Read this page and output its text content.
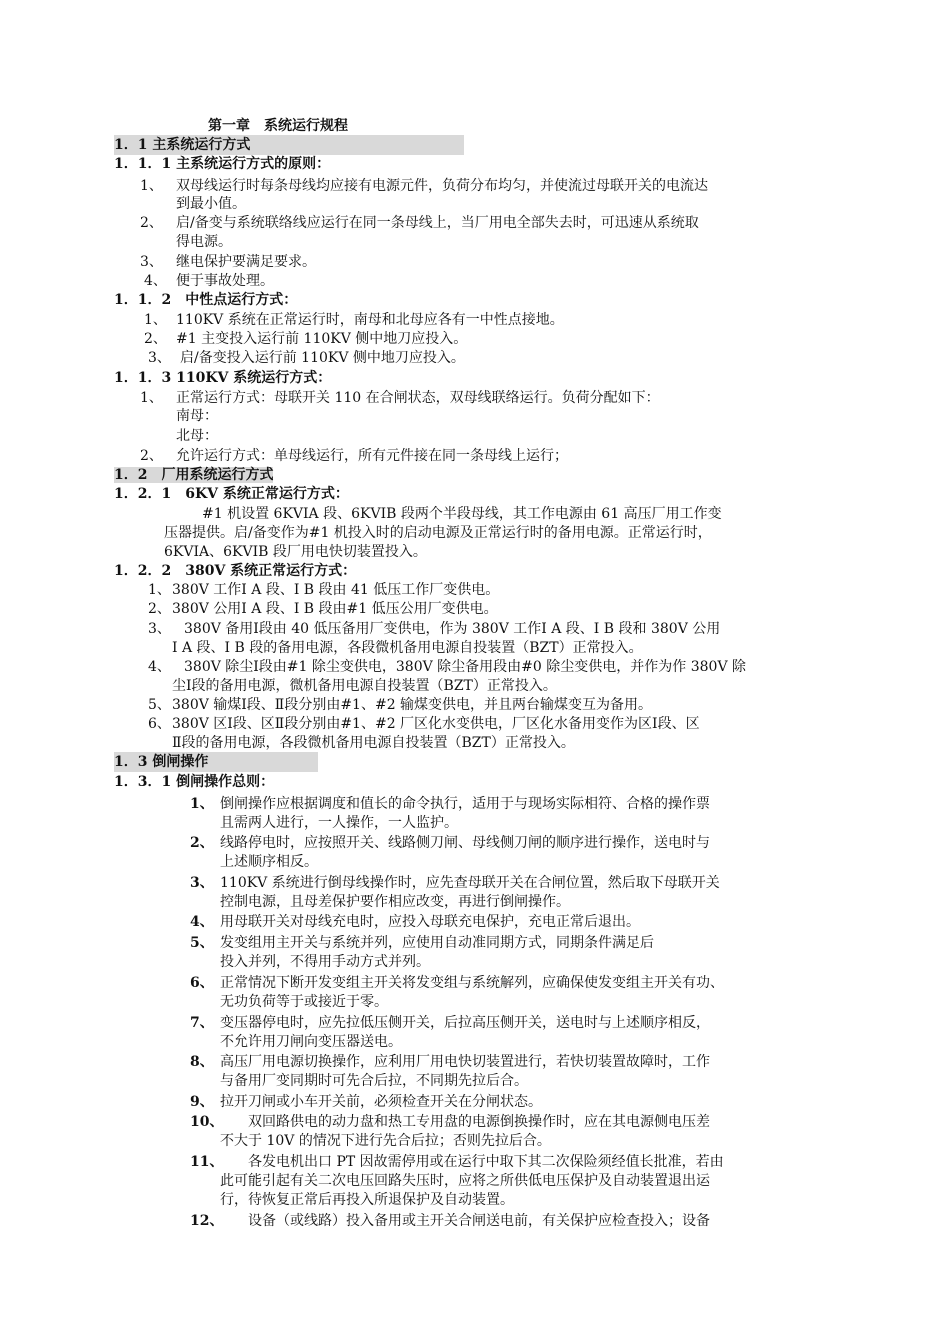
第一章　系统运行规程
1．1 主系统运行方式
1．1．1 主系统运行方式的原则：
1、 双母线运行时每条母线均应接有电源元件，负荷分布均匀，并使流过母联开关的电流达
到最小值。
2、 启/备变与系统联络线应运行在同一条母线上，当厂用电全部失去时，可迅速从系统取
得电源。
3、 继电保护要满足要求。
4、 便于事故处理。
1．1．2　中性点运行方式：
1、 110KV 系统在正常运行时，南母和北母应各有一中性点接地。
2、 #1 主变投入运行前 110KV 侧中地刀应投入。
3、 启/备变投入运行前 110KV 侧中地刀应投入。
1．1．3 110KV 系统运行方式：
1、 正常运行方式：母联开关 110 在合闸状态，双母线联络运行。负荷分配如下：
南母：
北母：
2、 允许运行方式：单母线运行，所有元件接在同一条母线上运行；
1．2　厂用系统运行方式
1．2．1　6KV 系统正常运行方式：
#1 机设置 6KVⅠA 段、6KVⅠB 段两个半段母线，其工作电源由 61 高压厂用工作变
压器提供。启/备变作为#1 机投入时的启动电源及正常运行时的备用电源。正常运行时，
6KVⅠA、6KVⅠB 段厂用电快切装置投入。
1．2．2　380V 系统正常运行方式：
1、 380V 工作Ⅰ A 段、Ⅰ B 段由 41 低压工作厂变供电。
2、 380V 公用Ⅰ A 段、Ⅰ B 段由#1 低压公用厂变供电。
3、 380V 备用Ⅰ段由 40 低压备用厂变供电，作为 380V 工作Ⅰ A 段、Ⅰ B 段和 380V 公用
Ⅰ A 段、Ⅰ B 段的备用电源，各段微机备用电源自投装置（BZT）正常投入。
4、 380V 除尘Ⅰ段由#1 除尘变供电，380V 除尘备用段由#0 除尘变供电，并作为作 380V 除
尘Ⅰ段的备用电源，微机备用电源自投装置（BZT）正常投入。
5、 380V 输煤Ⅰ段、Ⅱ段分别由#1、#2 输煤变供电，并且两台输煤变互为备用。
6、 380V 区Ⅰ段、区Ⅱ段分别由#1、#2 厂区化水变供电，厂区化水备用变作为区Ⅰ段、区
Ⅱ段的备用电源，各段微机备用电源自投装置（BZT）正常投入。
1．3 倒闸操作
1．3．1 倒闸操作总则：
1、 倒闸操作应根据调度和值长的命令执行，适用于与现场实际相符、合格的操作票
且需两人进行，一人操作，一人监护。
2、 线路停电时，应按照开关、线路侧刀闸、母线侧刀闸的顺序进行操作，送电时与
上述顺序相反。
3、 110KV 系统进行倒母线操作时，应先查母联开关在合闸位置，然后取下母联开关
控制电源，且母差保护要作相应改变，再进行倒闸操作。
4、 用母联开关对母线充电时，应投入母联充电保护，充电正常后退出。
5、 发变组用主开关与系统并列，应使用自动准同期方式，同期条件满足后
投入并列，不得用手动方式并列。
6、 正常情况下断开发变组主开关将发变组与系统解列，应确保使发变组主开关有功、
无功负荷等于或接近于零。
7、 变压器停电时，应先拉低压侧开关，后拉高压侧开关，送电时与上述顺序相反，
不允许用刀闸向变压器送电。
8、 高压厂用电源切换操作，应利用厂用电快切装置进行，若快切装置故障时，工作
与备用厂变同期时可先合后拉，不同期先拉后合。
9、 拉开刀闸或小车开关前，必须检查开关在分闸状态。
10、 双回路供电的动力盘和热工专用盘的电源倒换操作时，应在其电源侧电压差
不大于 10V 的情况下进行先合后拉；否则先拉后合。
11、 各发电机出口 PT 因故需停用或在运行中取下其二次保险须经值长批准，若由
此可能引起有关二次电压回路失压时，应将之所供低电压保护及自动装置退出运
行，待恢复正常后再投入所退保护及自动装置。
12、 设备（或线路）投入备用或主开关合闸送电前，有关保护应检查投入；设备
